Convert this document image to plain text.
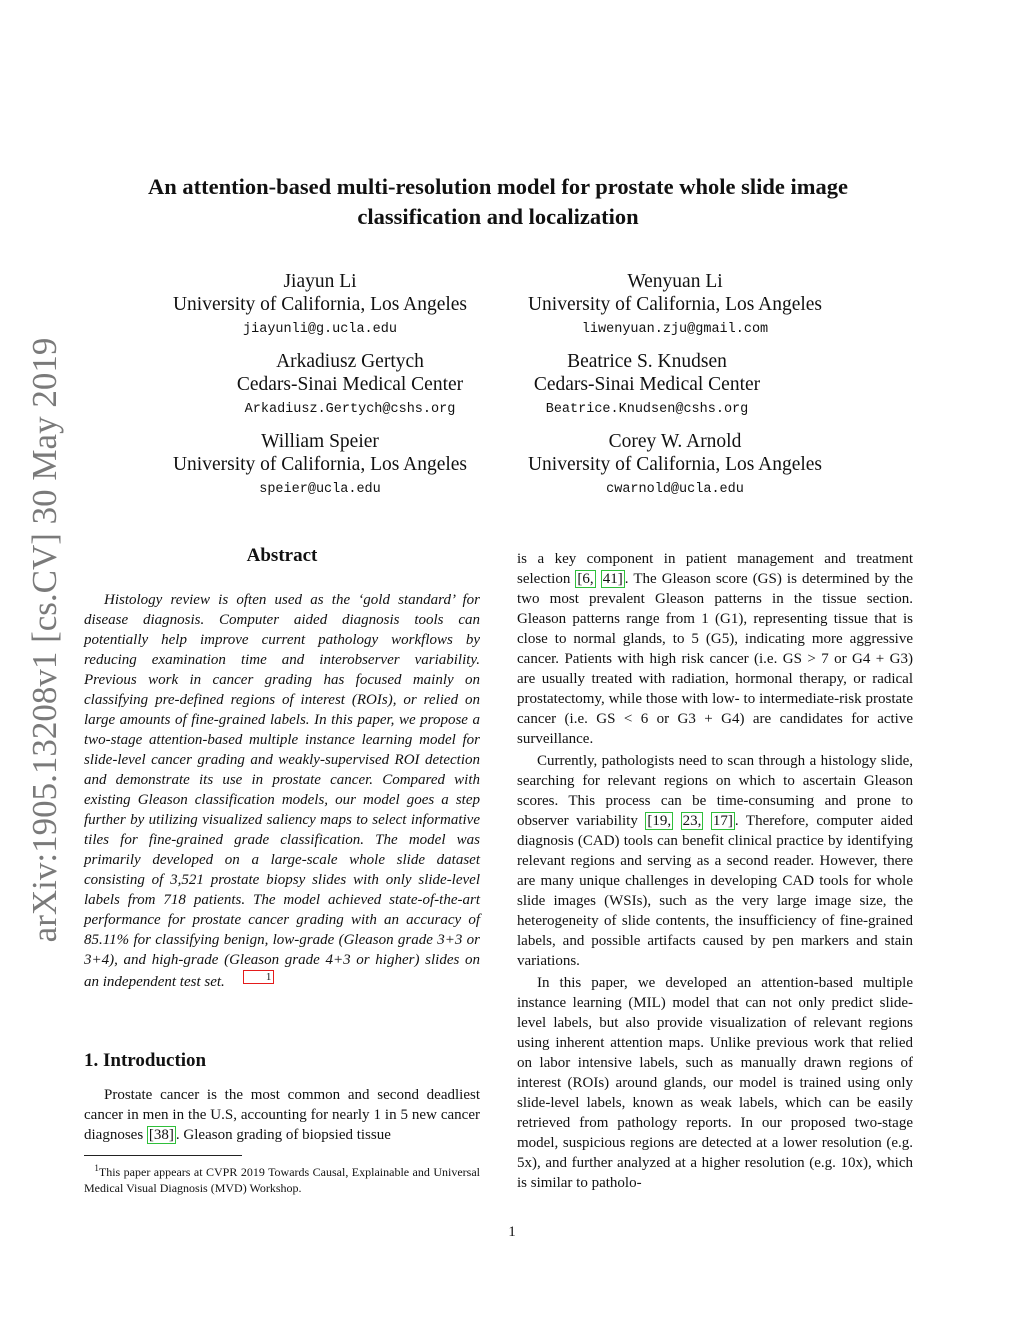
arXiv:1905.13208v1 [cs.CV] 30 May 2019
An attention-based multi-resolution model for prostate whole slide image
classification and localization
Jiayun Li
University of California, Los Angeles
jiayunli@g.ucla.edu
Wenyuan Li
University of California, Los Angeles
liwenyuan.zju@gmail.com
Arkadiusz Gertych
Cedars-Sinai Medical Center
Arkadiusz.Gertych@cshs.org
Beatrice S. Knudsen
Cedars-Sinai Medical Center
Beatrice.Knudsen@cshs.org
William Speier
University of California, Los Angeles
speier@ucla.edu
Corey W. Arnold
University of California, Los Angeles
cwarnold@ucla.edu
Abstract
Histology review is often used as the ‘gold standard’ for disease diagnosis. Computer aided diagnosis tools can potentially help improve current pathology workflows by reducing examination time and interobserver variability. Previous work in cancer grading has focused mainly on classifying pre-defined regions of interest (ROIs), or relied on large amounts of fine-grained labels. In this paper, we propose a two-stage attention-based multiple instance learning model for slide-level cancer grading and weakly-supervised ROI detection and demonstrate its use in prostate cancer. Compared with existing Gleason classification models, our model goes a step further by utilizing visualized saliency maps to select informative tiles for fine-grained grade classification. The model was primarily developed on a large-scale whole slide dataset consisting of 3,521 prostate biopsy slides with only slide-level labels from 718 patients. The model achieved state-of-the-art performance for prostate cancer grading with an accuracy of 85.11% for classifying benign, low-grade (Gleason grade 3+3 or 3+4), and high-grade (Gleason grade 4+3 or higher) slides on an independent test set.	1
1. Introduction
Prostate cancer is the most common and second deadliest cancer in men in the U.S, accounting for nearly 1 in 5 new cancer diagnoses [38] . Gleason grading of biopsied tissue
$^1$This paper appears at CVPR 2019 Towards Causal, Explainable and Universal Medical Visual Diagnosis (MVD) Workshop.

is a key component in patient management and treatment selection [6, 41] . The Gleason score (GS) is determined by the two most prevalent Gleason patterns in the tissue section. Gleason patterns range from 1 (G1), representing tissue that is close to normal glands, to 5 (G5), indicating more aggressive cancer. Patients with high risk cancer (i.e. GS > 7 or G4 + G3) are usually treated with radiation, hormonal therapy, or radical prostatectomy, while those with low- to intermediate-risk prostate cancer (i.e. GS < 6 or G3 + G4) are candidates for active surveillance.

Currently, pathologists need to scan through a histology slide, searching for relevant regions on which to ascertain Gleason scores. This process can be time-consuming and prone to observer variability [19, 23, 17] . Therefore, computer aided diagnosis (CAD) tools can benefit clinical practice by identifying relevant regions and serving as a second reader. However, there are many unique challenges in developing CAD tools for whole slide images (WSIs), such as the very large image size, the heterogeneity of slide contents, the insufficiency of fine-grained labels, and possible artifacts caused by pen markers and stain variations.

In this paper, we developed an attention-based multiple instance learning (MIL) model that can not only predict slide-level labels, but also provide visualization of relevant regions using inherent attention maps. Unlike previous work that relied on labor intensive labels, such as manually drawn regions of interest (ROIs) around glands, our model is trained using only slide-level labels, known as weak labels, which can be easily retrieved from pathology reports. In our proposed two-stage model, suspicious regions are detected at a lower resolution (e.g. 5x), and further analyzed at a higher resolution (e.g. 10x), which is similar to patholo-

1
